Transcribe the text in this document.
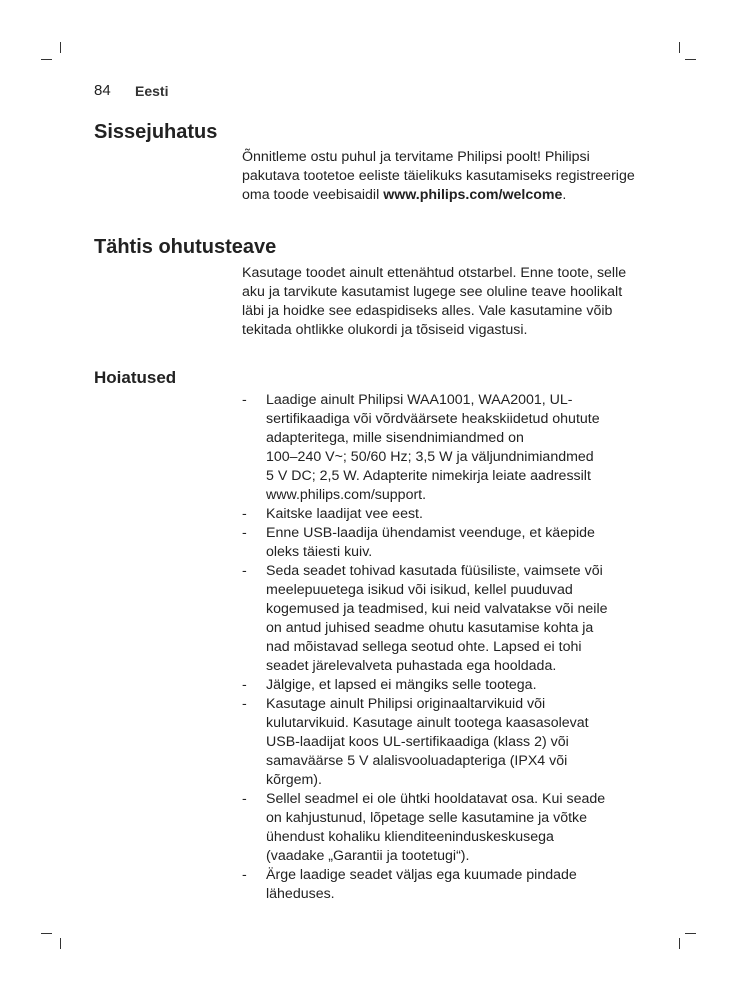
84 Eesti
Sissejuhatus

Õnnitleme ostu puhul ja tervitame Philipsi poolt! Philipsi pakutava tootetoe eeliste täielikuks kasutamiseks registreerige oma toode veebisaidil www.philips.com/welcome.

Tähtis ohutusteave

Kasutage toodet ainult ettenähtud otstarbel. Enne toote, selle aku ja tarvikute kasutamist lugege see oluline teave hoolikalt läbi ja hoidke see edaspidiseks alles. Vale kasutamine võib tekitada ohtlikke olukordi ja tõsiseid vigastusi.

Hoiatused
- Laadige ainult Philipsi WAA1001, WAA2001, UL-
sertifikaadiga või võrdväärsete heakskiidetud ohutute
adapteritega, mille sisendnimiandmed on
100–240 V~; 50/60 Hz; 3,5 W ja väljundnimiandmed
5 V DC; 2,5 W. Adapterite nimekirja leiate aadressilt
www.philips.com/support.
- Kaitske laadijat vee eest.
- Enne USB-laadija ühendamist veenduge, et käepide
oleks täiesti kuiv.
- Seda seadet tohivad kasutada füüsiliste, vaimsete või
meelepuuetega isikud või isikud, kellel puuduvad
kogemused ja teadmised, kui neid valvatakse või neile
on antud juhised seadme ohutu kasutamise kohta ja
nad mõistavad sellega seotud ohte. Lapsed ei tohi
seadet järelevalveta puhastada ega hooldada.
- Jälgige, et lapsed ei mängiks selle tootega.
- Kasutage ainult Philipsi originaaltarvikuid või
kulutarvikuid. Kasutage ainult tootega kaasasolevat
USB-laadijat koos UL-sertifikaadiga (klass 2) või
samaväärse 5 V alalisvooluadapteriga (IPX4 või
kõrgem).
- Sellel seadmel ei ole ühtki hooldatavat osa. Kui seade
on kahjustunud, lõpetage selle kasutamine ja võtke
ühendust kohaliku klienditeeninduskeskusega
(vaadake „Garantii ja tootetugi“).
- Ärge laadige seadet väljas ega kuumade pindade
läheduses.
